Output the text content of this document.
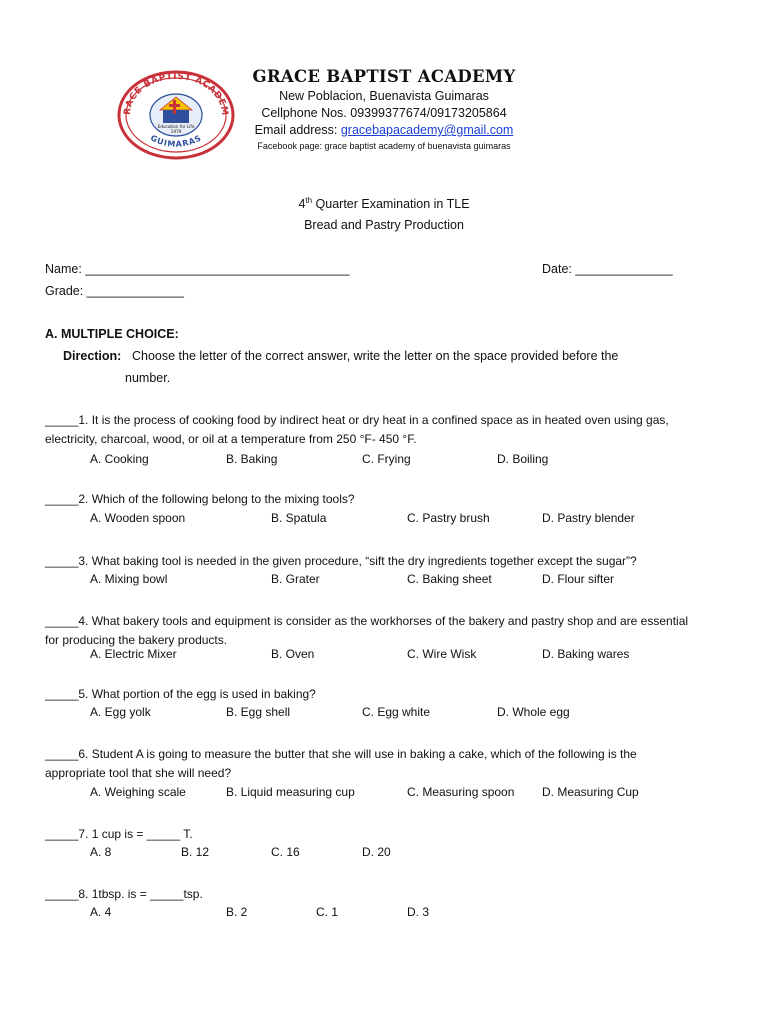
RACE BAPTIST ACADEM
GUIMARAS
Education for Life
1979
GRACE BAPTIST ACADEMY
New Poblacion, Buenavista Guimaras
Cellphone Nos. 09399377674/09173205864
Email address: gracebapacademy@gmail.com
Facebook page: grace baptist academy of buenavista guimaras
4th Quarter Examination in TLE
Bread and Pastry Production
Name: ______________________________________	Date: ______________
Grade: ______________
A. MULTIPLE CHOICE:
Direction: Choose the letter of the correct answer, write the letter on the space provided before the
number.
_____1. It is the process of cooking food by indirect heat or dry heat in a confined space as in heated oven using gas,
electricity, charcoal, wood, or oil at a temperature from 250 °F- 450 °F.
A. Cooking	B. Baking	C. Frying	D. Boiling
_____2. Which of the following belong to the mixing tools?
A. Wooden spoon	B. Spatula	C. Pastry brush	D. Pastry blender
_____3. What baking tool is needed in the given procedure, “sift the dry ingredients together except the sugar”?
A. Mixing bowl	B. Grater	C. Baking sheet	D. Flour sifter
_____4. What bakery tools and equipment is consider as the workhorses of the bakery and pastry shop and are essential
for producing the bakery products.
A. Electric Mixer	B. Oven	C. Wire Wisk	D. Baking wares
_____5. What portion of the egg is used in baking?
A. Egg yolk	B. Egg shell	C. Egg white	D. Whole egg
_____6. Student A is going to measure the butter that she will use in baking a cake, which of the following is the
appropriate tool that she will need?
A. Weighing scale	B. Liquid measuring cup	C. Measuring spoon D. Measuring Cup
_____7. 1 cup is = _____ T.
A. 8	B. 12	C. 16	D. 20
_____8. 1tbsp. is = _____tsp.
A. 4	B. 2	C. 1	D. 3
